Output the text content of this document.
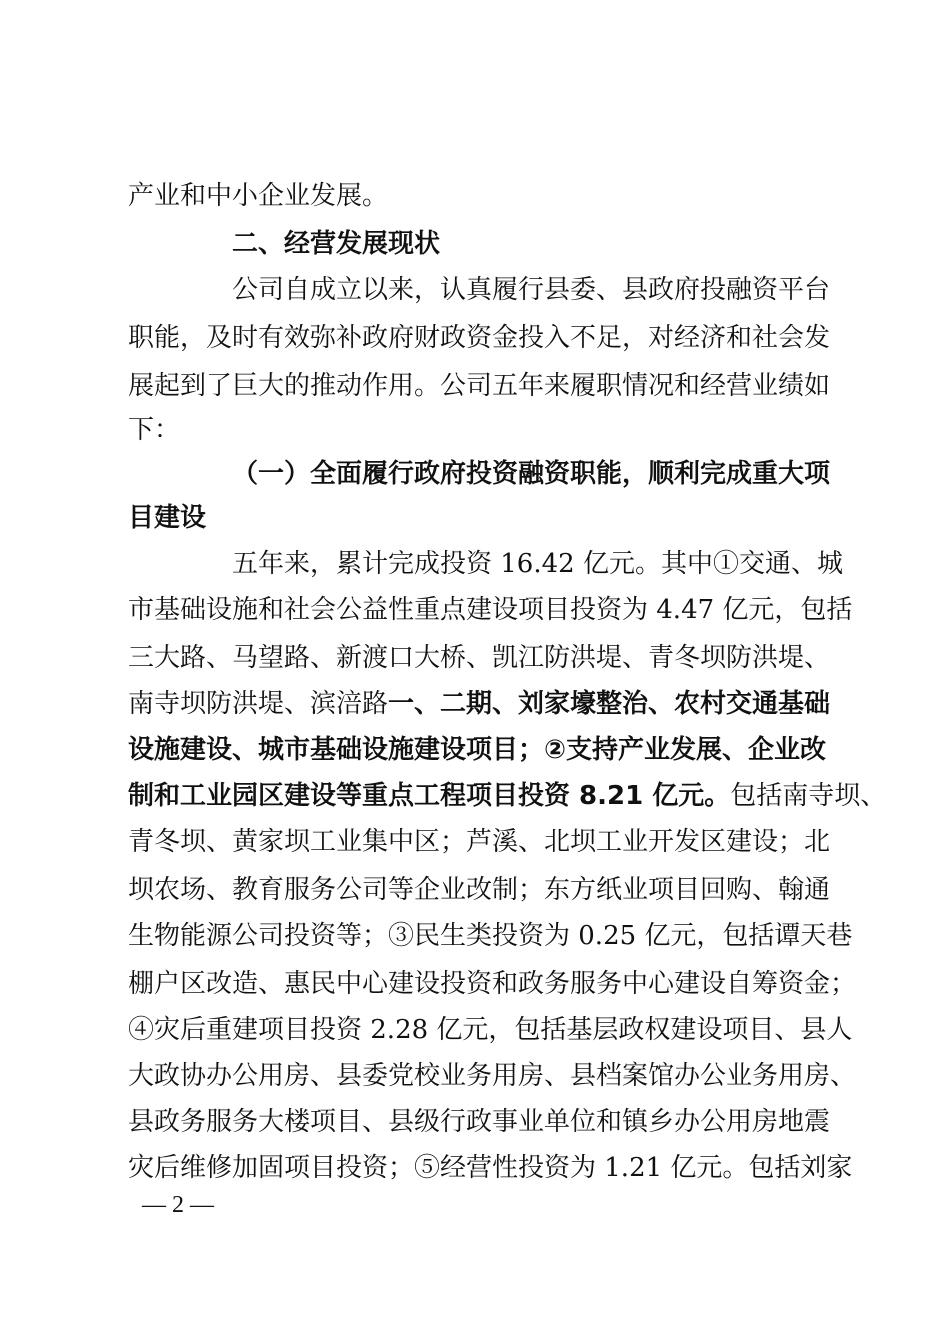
产业和中小企业发展。
二、经营发展现状
公司自成立以来，认真履行县委、县政府投融资平台
职能，及时有效弥补政府财政资金投入不足，对经济和社会发
展起到了巨大的推动作用。公司五年来履职情况和经营业绩如
下：
（一）全面履行政府投资融资职能，顺利完成重大项
目建设
五年来，累计完成投资 16.42 亿元。其中①交通、城
市基础设施和社会公益性重点建设项目投资为 4.47 亿元，包括
三大路、马望路、新渡口大桥、凯江防洪堤、青冬坝防洪堤、
南寺坝防洪堤、滨涪路一、二期、刘家壕整治、农村交通基础
设施建设、城市基础设施建设项目；②支持产业发展、企业改
制和工业园区建设等重点工程项目投资 8.21 亿元。包括南寺坝、
青冬坝、黄家坝工业集中区；芦溪、北坝工业开发区建设；北
坝农场、教育服务公司等企业改制；东方纸业项目回购、翰通
生物能源公司投资等；③民生类投资为 0.25 亿元，包括谭天巷
棚户区改造、惠民中心建设投资和政务服务中心建设自筹资金；
④灾后重建项目投资 2.28 亿元，包括基层政权建设项目、县人
大政协办公用房、县委党校业务用房、县档案馆办公业务用房、
县政务服务大楼项目、县级行政事业单位和镇乡办公用房地震
灾后维修加固项目投资；⑤经营性投资为 1.21 亿元。包括刘家
— 2 —
